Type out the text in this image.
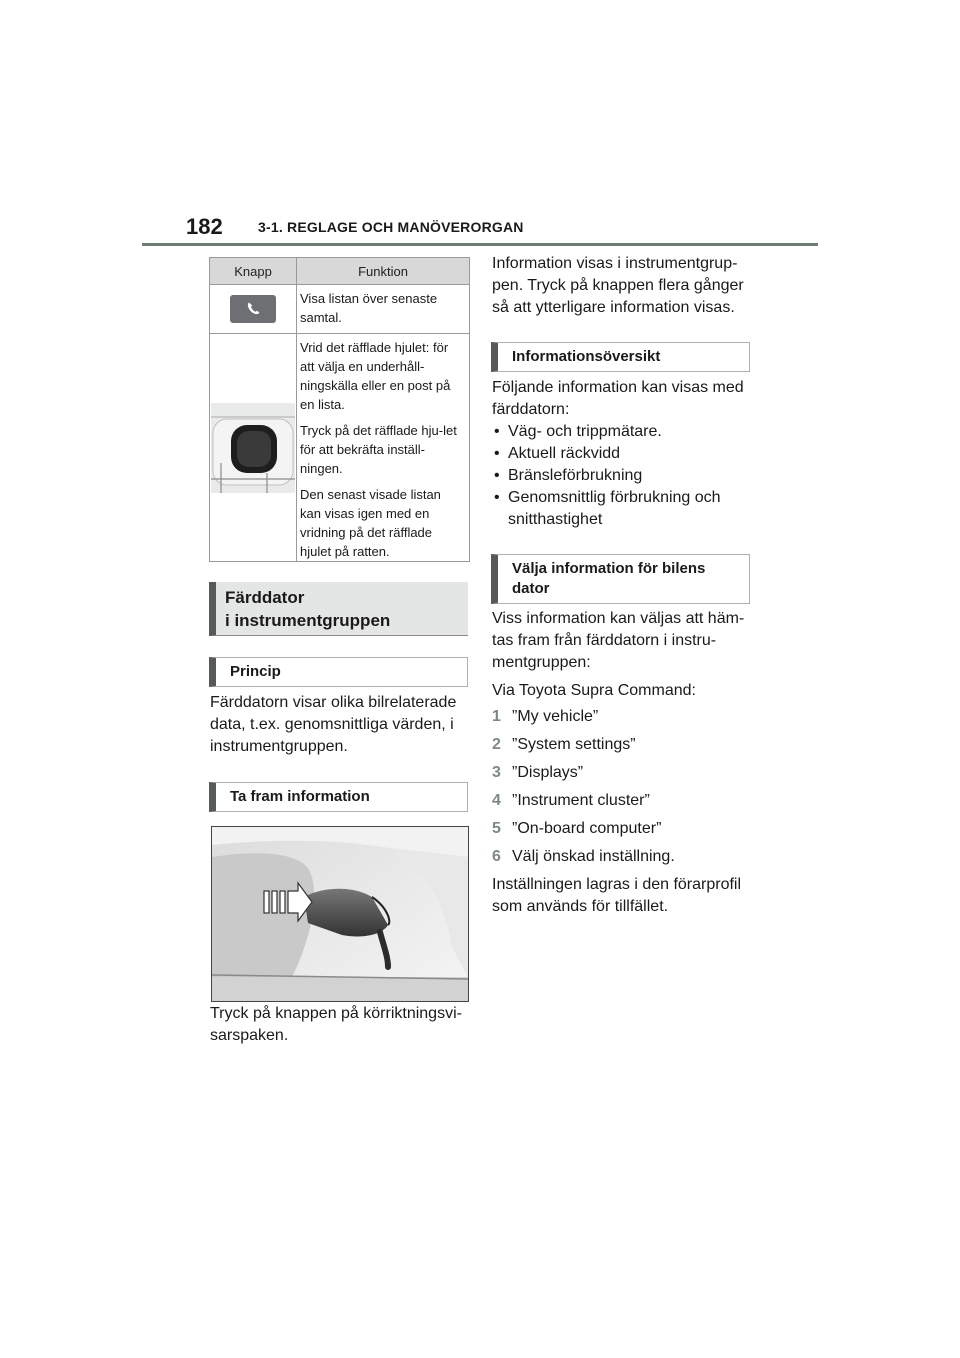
182	3-1. REGLAGE OCH MANÖVERORGAN
Knapp	Funktion

Visa listan över senaste samtal.

Vrid det räfflade hjulet: för att välja en underhåll-ningskälla eller en post på en lista.

Tryck på det räfflade hju-let för att bekräfta inställ-ningen.

Den senast visade listan kan visas igen med en vridning på det räfflade hjulet på ratten.

Färddator
i instrumentgruppen
Princip

Färddatorn visar olika bilrelaterade data, t.ex. genomsnittliga värden, i instrumentgruppen.

Ta fram information

Tryck på knappen på körriktningsvi-sarspaken.

Information visas i instrumentgrup-pen. Tryck på knappen flera gånger så att ytterligare information visas.

Informationsöversikt

Följande information kan visas med färddatorn:

• Väg- och trippmätare.
• Aktuell räckvidd
• Bränsleförbrukning
• Genomsnittlig förbrukning och snitthastighet
Välja information för bilens dator

Viss information kan väljas att häm-tas fram från färddatorn i instru-mentgruppen:

Via Toyota Supra Command:

1 ”My vehicle”
2 ”System settings”
3 ”Displays”
4 ”Instrument cluster”
5 ”On-board computer”
6 Välj önskad inställning.

Inställningen lagras i den förarprofil som används för tillfället.
